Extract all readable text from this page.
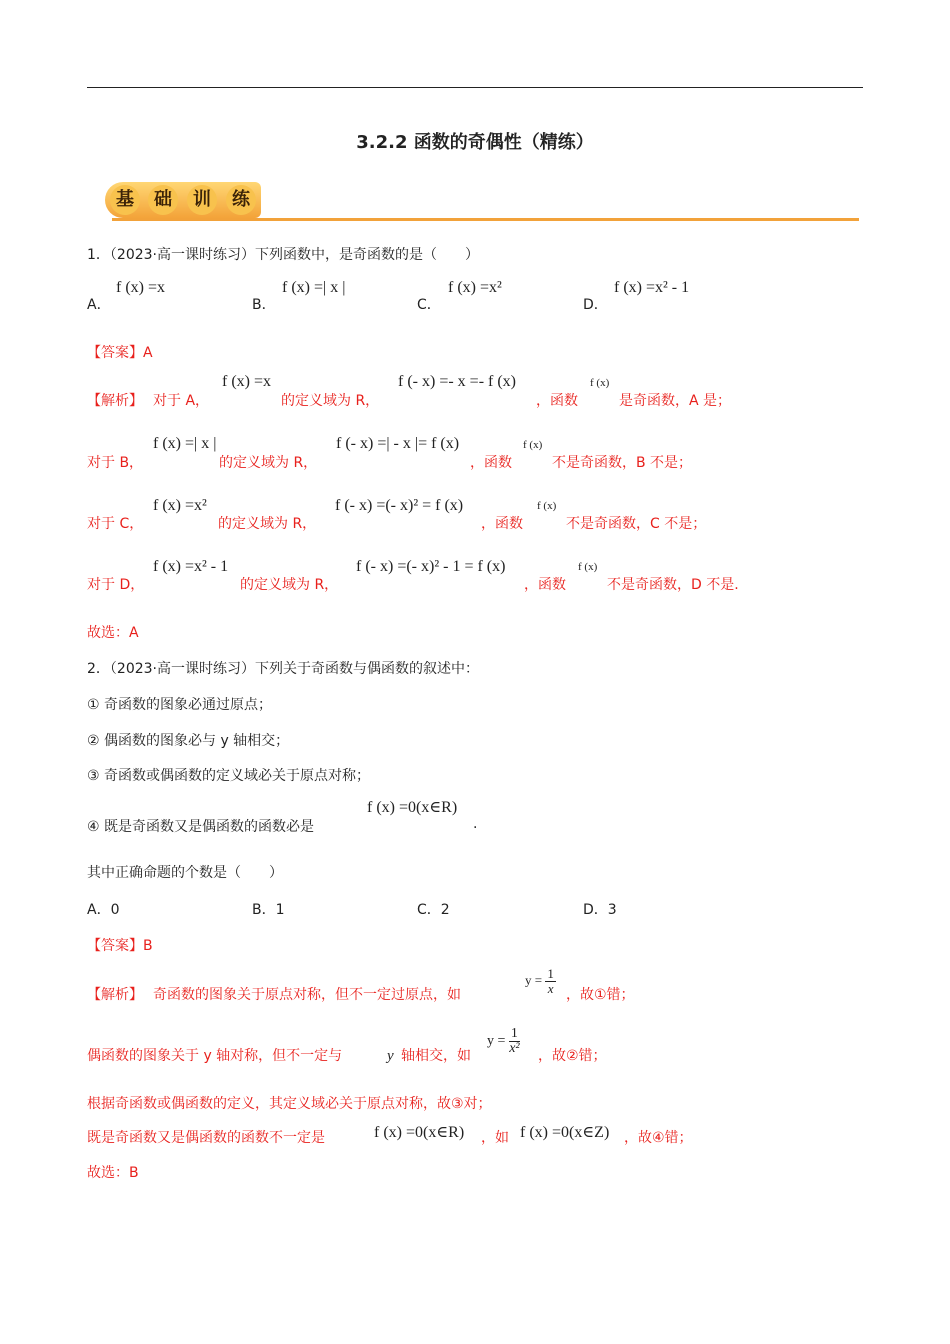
3.2.2 函数的奇偶性（精练）
基	础	训	练
1．（2023·高一课时练习）下列函数中，是奇函数的是（　　）
A．
f (x) =x
B．
f (x) =| x |
C．
f (x) =x²
D．
f (x) =x² - 1
【答案】A
【解析】 对于 A，
f (x) =x
的定义域为 R，
f (- x) =- x =- f (x)
，函数
f (x)
是奇函数，A 是；
对于 B，
f (x) =| x |
的定义域为 R，
f (- x) =| - x |= f (x)
，函数
f (x)
不是奇函数，B 不是；
对于 C，
f (x) =x²
的定义域为 R，
f (- x) =(- x)² = f (x)
，函数
f (x)
不是奇函数，C 不是；
对于 D，
f (x) =x² - 1
的定义域为 R，
f (- x) =(- x)² - 1 = f (x)
，函数
f (x)
不是奇函数，D 不是.
故选：A
2．（2023·高一课时练习）下列关于奇函数与偶函数的叙述中：
① 奇函数的图象必通过原点；
② 偶函数的图象必与 y 轴相交；
③ 奇函数或偶函数的定义域必关于原点对称；
④ 既是奇函数又是偶函数的函数必是
f (x) =0(x∈R)
.
其中正确命题的个数是（　　）
A．0	B．1	C．2	D．3
【答案】B
【解析】 奇函数的图象关于原点对称，但不一定过原点，如
$y = \frac{1}{x}$ ，故①错；
偶函数的图象关于 y 轴对称，但不一定与	y 轴相交，如
$y = \frac{1}{\text{x²}}$ ，故②错；
根据奇函数或偶函数的定义，其定义域必关于原点对称，故③对；
既是奇函数又是偶函数的函数不一定是	f (x) =0(x∈R) ，如 f (x) =0(x∈Z) ，故④错；
故选：B
